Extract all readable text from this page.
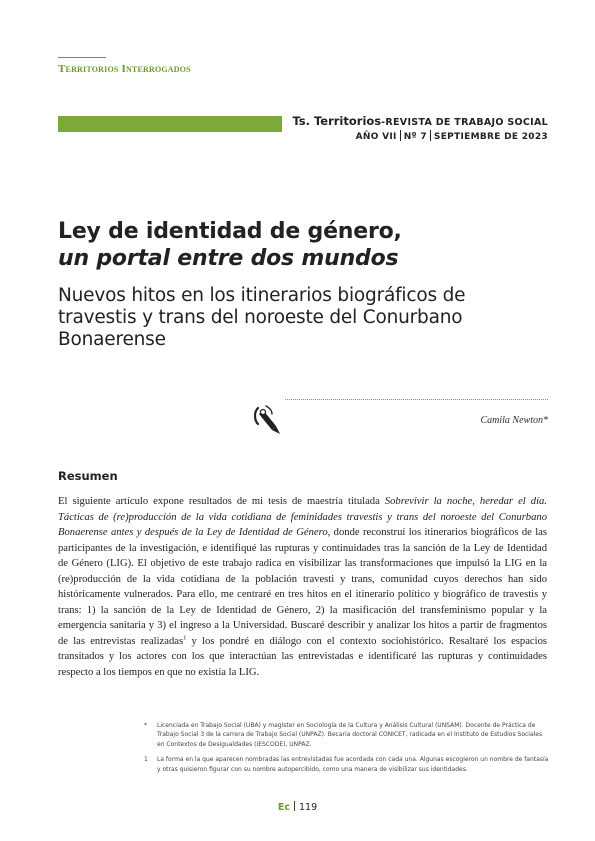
Territorios Interrogados
Ts. Territorios-REVISTA DE TRABAJO SOCIAL
AÑO VII Nº 7 SEPTIEMBRE DE 2023
Ley de identidad de género,
un portal entre dos mundos
Nuevos hitos en los itinerarios biográficos de travestis y trans del noroeste del Conurbano Bonaerense
Camila Newton*
Resumen

El siguiente artículo expone resultados de mi tesis de maestría titulada Sobrevivir la noche, heredar el día. Tácticas de (re)producción de la vida cotidiana de feminidades travestis y trans del noroeste del Conurbano Bonaerense antes y después de la Ley de Identidad de Género, donde reconstruí los itinerarios biográficos de las participantes de la investigación, e identifiqué las rupturas y continuidades tras la sanción de la Ley de Identidad de Género (LIG). El objetivo de este trabajo radica en visibilizar las transformaciones que impulsó la LIG en la (re)producción de la vida cotidiana de la población travesti y trans, comunidad cuyos derechos han sido históricamente vulnerados. Para ello, me centraré en tres hitos en el itinerario político y biográfico de travestis y trans: 1) la sanción de la Ley de Identidad de Género, 2) la masificación del transfeminismo popular y la emergencia sanitaria y 3) el ingreso a la Universidad. Buscaré describir y analizar los hitos a partir de fragmentos de las entrevistas realizadas$^1$ y los pondré en diálogo con el contexto sociohistórico. Resaltaré los espacios transitados y los actores con los que interactúan las entrevistadas e identificaré las rupturas y continuidades respecto a los tiempos en que no existía la LIG.

*	Licenciada en Trabajo Social (UBA) y magíster en Sociología de la Cultura y Análisis Cultural (UNSAM). Docente de Práctica de Trabajo Social 3 de la carrera de Trabajo Social (UNPAZ). Becaria doctoral CONICET, radicada en el Instituto de Estudios Sociales en Contextos de Desigualdades (IESCODE), UNPAZ.
1	La forma en la que aparecen nombradas las entrevistadas fue acordada con cada una. Algunas escogieron un nombre de fantasía y otras quisieron figurar con su nombre autopercibido, como una manera de visibilizar sus identidades.
Ec 119
